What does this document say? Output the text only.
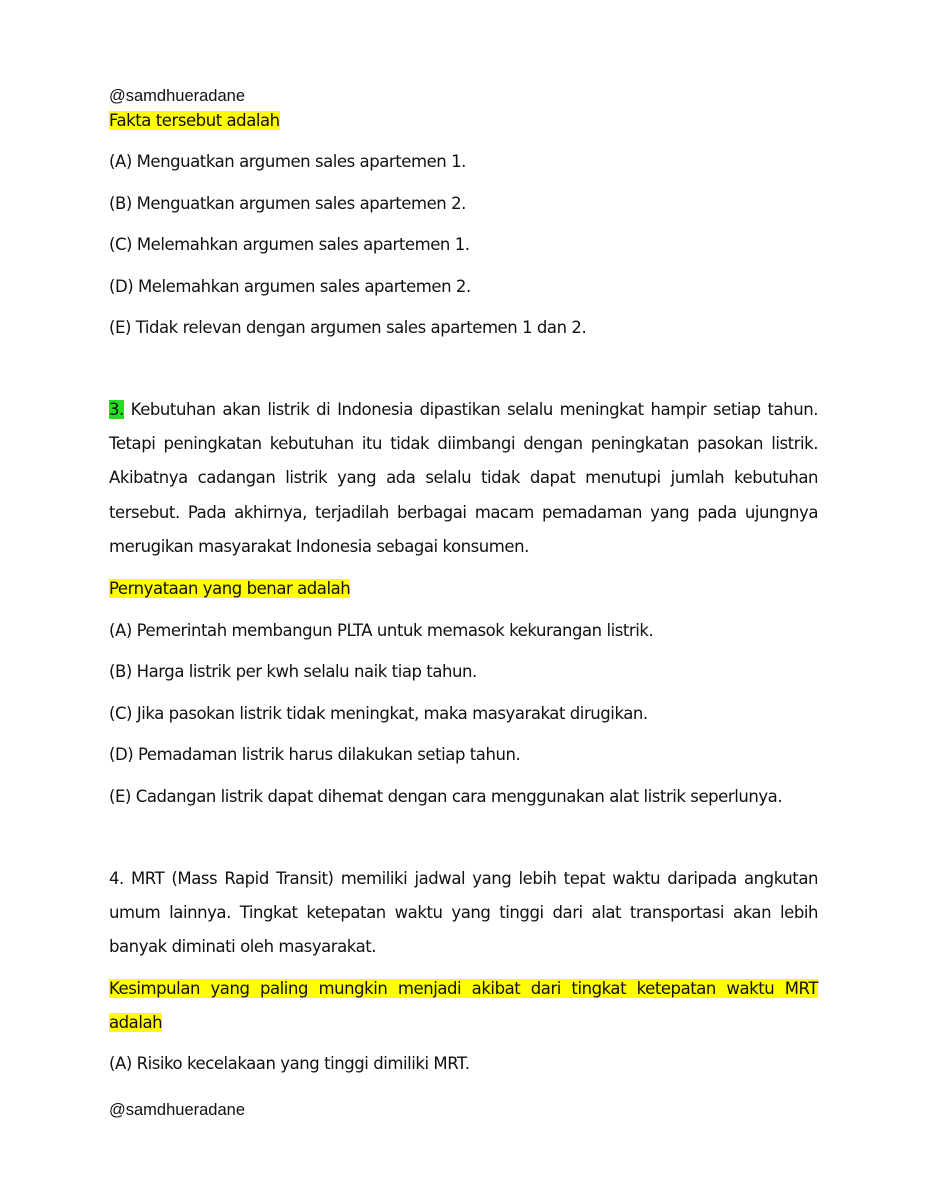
@samdhueradane
Fakta tersebut adalah
(A) Menguatkan argumen sales apartemen 1.
(B) Menguatkan argumen sales apartemen 2.
(C) Melemahkan argumen sales apartemen 1.
(D) Melemahkan argumen sales apartemen 2.
(E) Tidak relevan dengan argumen sales apartemen 1 dan 2.
3. Kebutuhan akan listrik di Indonesia dipastikan selalu meningkat hampir setiap tahun. Tetapi peningkatan kebutuhan itu tidak diimbangi dengan peningkatan pasokan listrik. Akibatnya cadangan listrik yang ada selalu tidak dapat menutupi jumlah kebutuhan tersebut. Pada akhirnya, terjadilah berbagai macam pemadaman yang pada ujungnya merugikan masyarakat Indonesia sebagai konsumen.
Pernyataan yang benar adalah
(A) Pemerintah membangun PLTA untuk memasok kekurangan listrik.
(B) Harga listrik per kwh selalu naik tiap tahun.
(C) Jika pasokan listrik tidak meningkat, maka masyarakat dirugikan.
(D) Pemadaman listrik harus dilakukan setiap tahun.
(E) Cadangan listrik dapat dihemat dengan cara menggunakan alat listrik seperlunya.
4. MRT (Mass Rapid Transit) memiliki jadwal yang lebih tepat waktu daripada angkutan umum lainnya. Tingkat ketepatan waktu yang tinggi dari alat transportasi akan lebih banyak diminati oleh masyarakat.
Kesimpulan yang paling mungkin menjadi akibat dari tingkat ketepatan waktu MRT adalah
(A) Risiko kecelakaan yang tinggi dimiliki MRT.
@samdhueradane
